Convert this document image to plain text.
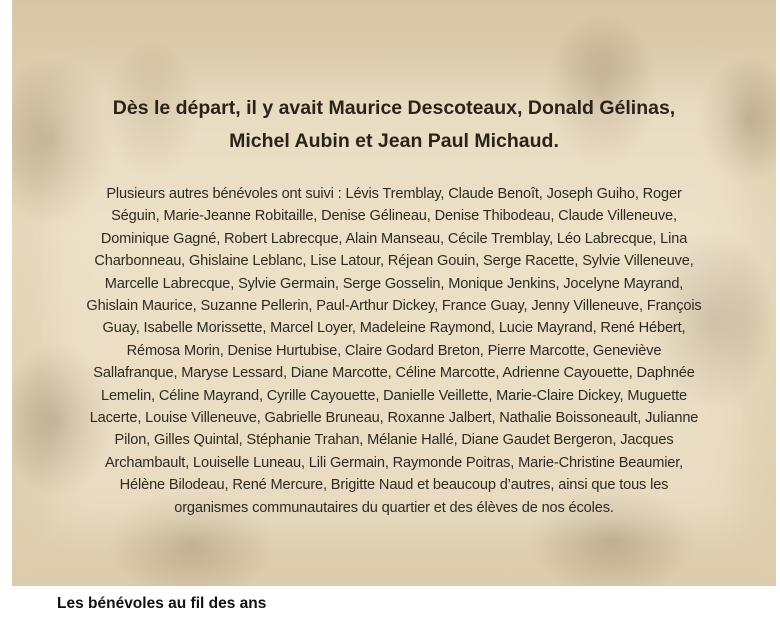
Dès le départ, il y avait Maurice Descoteaux, Donald Gélinas,
Michel Aubin et Jean Paul Michaud.
Plusieurs autres bénévoles ont suivi : Lévis Tremblay, Claude Benoît, Joseph Guiho, Roger
Séguin, Marie-Jeanne Robitaille, Denise Gélineau, Denise Thibodeau, Claude Villeneuve,
Dominique Gagné, Robert Labrecque, Alain Manseau, Cécile Tremblay, Léo Labrecque, Lina
Charbonneau, Ghislaine Leblanc, Lise Latour, Réjean Gouin, Serge Racette, Sylvie Villeneuve,
Marcelle Labrecque, Sylvie Germain, Serge Gosselin, Monique Jenkins, Jocelyne Mayrand,
Ghislain Maurice, Suzanne Pellerin, Paul-Arthur Dickey, France Guay, Jenny Villeneuve, François
Guay, Isabelle Morissette, Marcel Loyer, Madeleine Raymond, Lucie Mayrand, René Hébert,
Rémosa Morin, Denise Hurtubise, Claire Godard Breton, Pierre Marcotte, Geneviève
Sallafranque, Maryse Lessard, Diane Marcotte, Céline Marcotte, Adrienne Cayouette, Daphnée
Lemelin, Céline Mayrand, Cyrille Cayouette, Danielle Veillette, Marie-Claire Dickey, Muguette
Lacerte, Louise Villeneuve, Gabrielle Bruneau, Roxanne Jalbert, Nathalie Boissoneault, Julianne
Pilon, Gilles Quintal, Stéphanie Trahan, Mélanie Hallé, Diane Gaudet Bergeron, Jacques
Archambault, Louiselle Luneau, Lili Germain, Raymonde Poitras, Marie-Christine Beaumier,
Hélène Bilodeau, René Mercure, Brigitte Naud et beaucoup d’autres, ainsi que tous les
organismes communautaires du quartier et des élèves de nos écoles.
Les bénévoles au fil des ans
